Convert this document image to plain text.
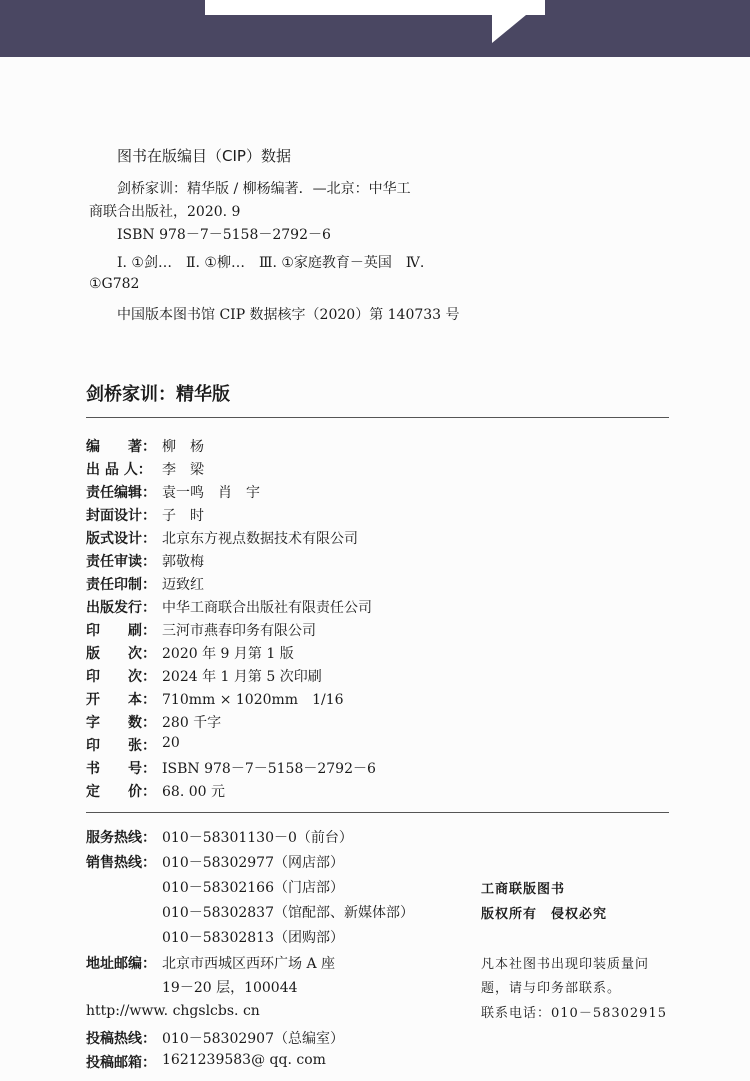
图书在版编目（CIP）数据
剑桥家训：精华版 / 柳杨编著．—北京：中华工
商联合出版社，2020. 9
ISBN 978－7－5158－2792－6
Ⅰ. ①剑…　Ⅱ. ①柳…　Ⅲ. ①家庭教育－英国　Ⅳ.
①G782
中国版本图书馆 CIP 数据核字（2020）第 140733 号
剑桥家训：精华版
编　　著： 柳　杨
出 品 人： 李　梁
责任编辑： 袁一鸣　肖　宇
封面设计： 子　时
版式设计： 北京东方视点数据技术有限公司
责任审读： 郭敬梅
责任印制： 迈致红
出版发行： 中华工商联合出版社有限责任公司
印　　刷： 三河市燕春印务有限公司
版　　次： 2020 年 9 月第 1 版
印　　次： 2024 年 1 月第 5 次印刷
开　　本： 710mm × 1020mm　1/16
字　　数： 280 千字
印　　张： 20
书　　号： ISBN 978－7－5158－2792－6
定　　价： 68. 00 元
服务热线： 010－58301130－0（前台）
销售热线： 010－58302977（网店部）
010－58302166（门店部）
010－58302837（馆配部、新媒体部）
010－58302813（团购部）
地址邮编： 北京市西城区西环广场 A 座
19－20 层，100044
http://www. chgslcbs. cn
投稿热线： 010－58302907（总编室）
投稿邮箱： 1621239583@ qq. com
工商联版图书
版权所有　侵权必究
凡本社图书出现印装质量问
题，请与印务部联系。
联系电话：010－58302915
